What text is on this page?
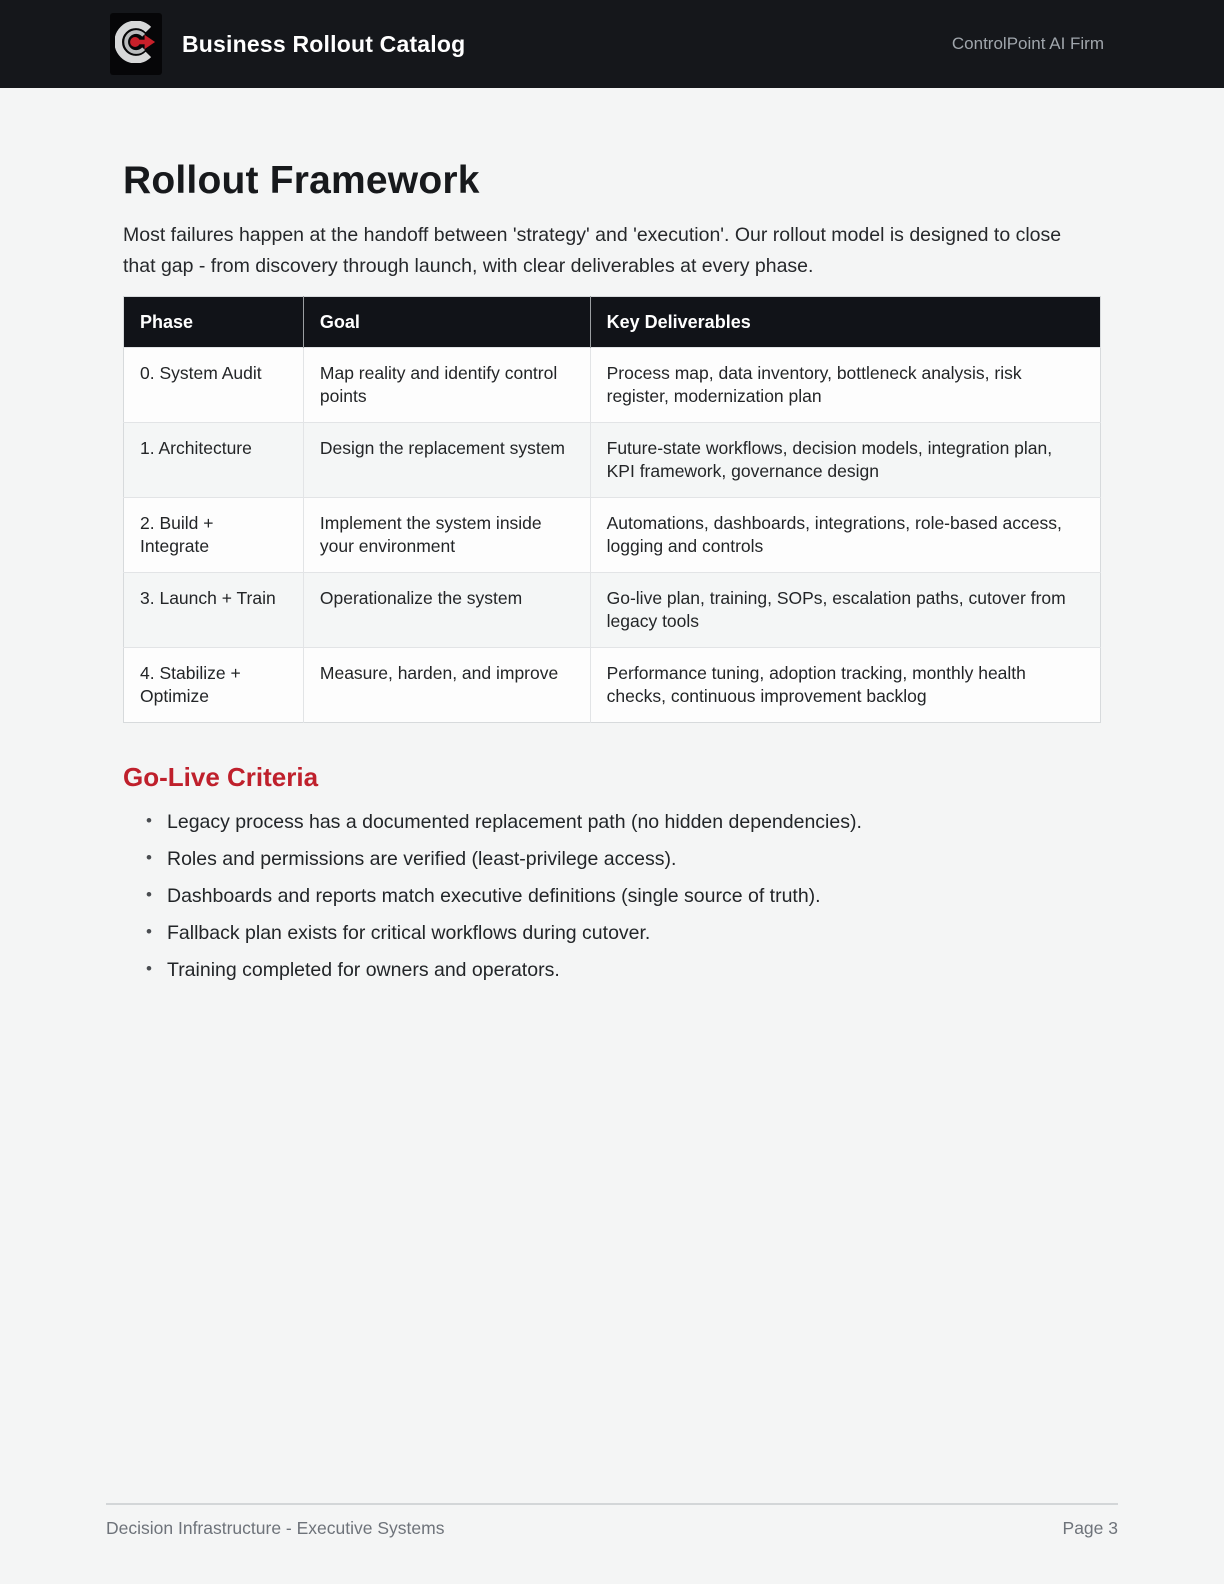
Business Rollout Catalog	ControlPoint AI Firm
Rollout Framework

Most failures happen at the handoff between 'strategy' and 'execution'. Our rollout model is designed to close that gap - from discovery through launch, with clear deliverables at every phase.

Phase	Goal	Key Deliverables
0. System Audit	Map reality and identify control points	Process map, data inventory, bottleneck analysis, risk register, modernization plan
1. Architecture	Design the replacement system	Future-state workflows, decision models, integration plan, KPI framework, governance design
2. Build + Integrate	Implement the system inside your environment	Automations, dashboards, integrations, role-based access, logging and controls
3. Launch + Train	Operationalize the system	Go-live plan, training, SOPs, escalation paths, cutover from legacy tools
4. Stabilize + Optimize	Measure, harden, and improve	Performance tuning, adoption tracking, monthly health checks, continuous improvement backlog
Go-Live Criteria
• Legacy process has a documented replacement path (no hidden dependencies).
• Roles and permissions are verified (least-privilege access).
• Dashboards and reports match executive definitions (single source of truth).
• Fallback plan exists for critical workflows during cutover.
• Training completed for owners and operators.
Decision Infrastructure - Executive Systems	Page 3
